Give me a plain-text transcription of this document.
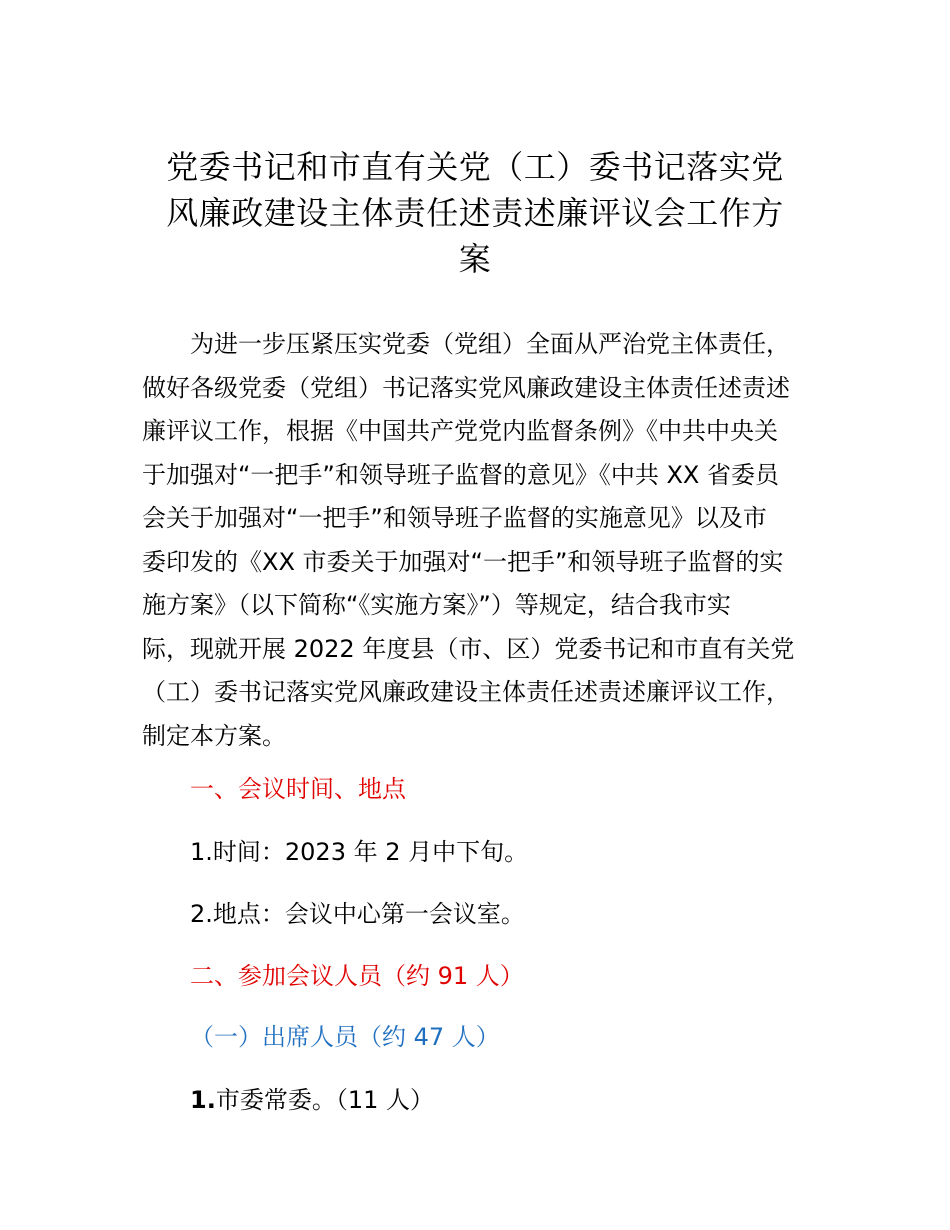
党委书记和市直有关党（工）委书记落实党
风廉政建设主体责任述责述廉评议会工作方
案
为进一步压紧压实党委（党组）全面从严治党主体责任，
做好各级党委（党组）书记落实党风廉政建设主体责任述责述
廉评议工作，根据《中国共产党党内监督条例》《中共中央关
于加强对“一把手”和领导班子监督的意见》《中共 XX 省委员
会关于加强对“一把手”和领导班子监督的实施意见》以及市
委印发的《XX 市委关于加强对“一把手”和领导班子监督的实
施方案》（以下简称“《实施方案》”）等规定，结合我市实
际，现就开展 2022 年度县（市、区）党委书记和市直有关党
（工）委书记落实党风廉政建设主体责任述责述廉评议工作，
制定本方案。
一、会议时间、地点
1.时间：2023 年 2 月中下旬。
2.地点：会议中心第一会议室。
二、参加会议人员（约 91 人）
（一）出席人员（约 47 人）
1.市委常委。（11 人）
